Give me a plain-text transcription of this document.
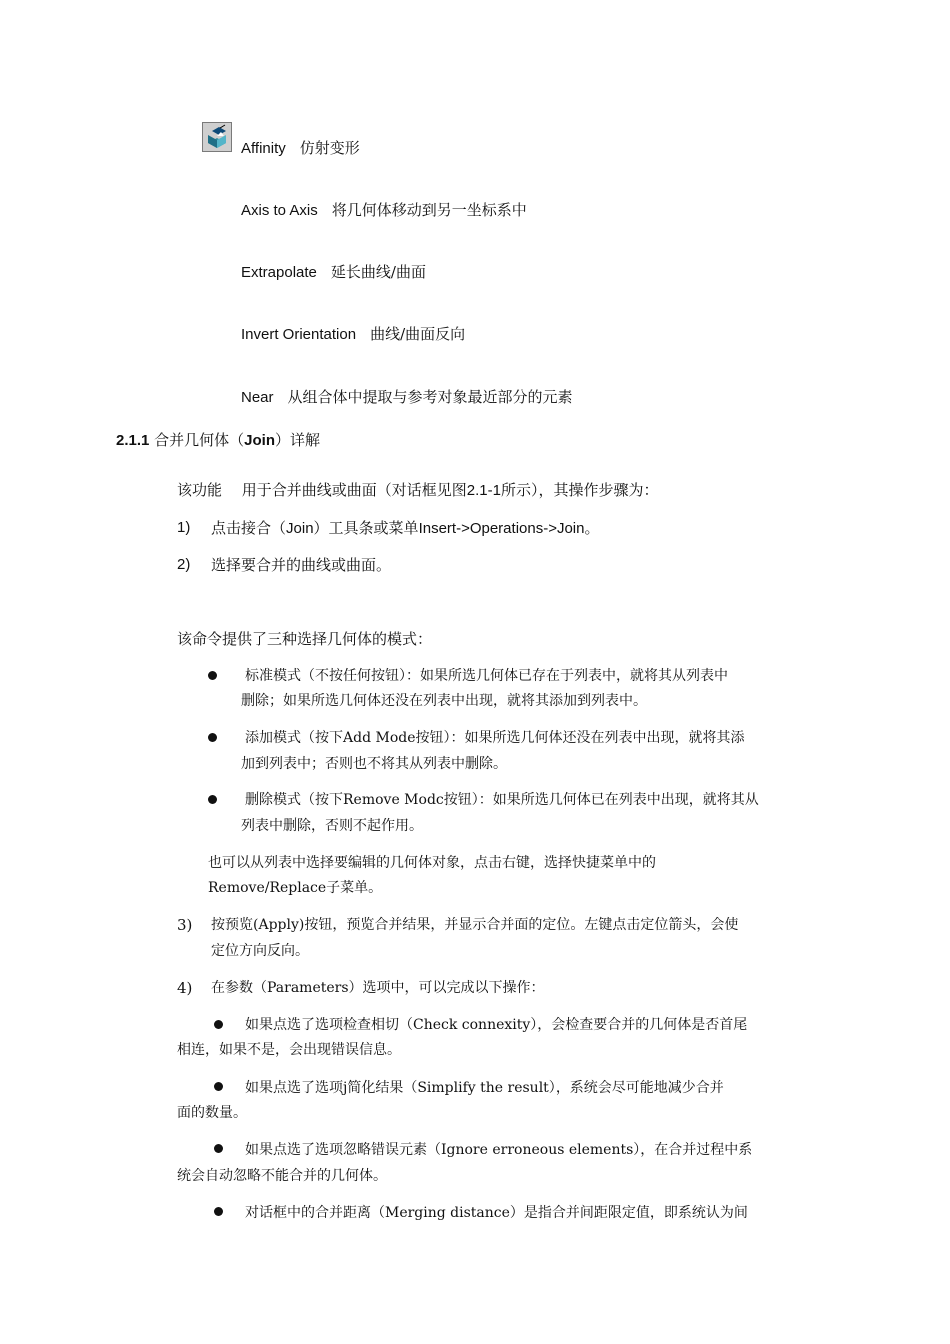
Affinity 仿射变形
Axis to Axis 将几何体移动到另一坐标系中
Extrapolate 延长曲线/曲面
Invert Orientation 曲线/曲面反向
Near 从组合体中提取与参考对象最近部分的元素
2.1.1 合并几何体（Join）详解
该功能　 用于合并曲线或曲面（对话框见图2.1-1所示），其操作步骤为：
1) 点击接合（Join）工具条或菜单Insert->Operations->Join。
2) 选择要合并的曲线或曲面。
该命令提供了三种选择几何体的模式：
标准模式（不按任何按钮）：如果所选几何体已存在于列表中，就将其从列表中
删除；如果所选几何体还没在列表中出现，就将其添加到列表中。
添加模式（按下Add Mode按钮）：如果所选几何体还没在列表中出现，就将其添
加到列表中；否则也不将其从列表中删除。
删除模式（按下Remove Modc按钮）：如果所选几何体已在列表中出现，就将其从
列表中删除，否则不起作用。
也可以从列表中选择要编辑的几何体对象，点击右键，选择快捷菜单中的
Remove/Replace子菜单。
3) 按预览(Apply)按钮，预览合并结果，并显示合并面的定位。左键点击定位箭头，会使
定位方向反向。
4) 在参数（Parameters）选项中，可以完成以下操作：
如果点选了选项检查相切（Check connexity），会检查要合并的几何体是否首尾
相连，如果不是，会出现错误信息。
如果点选了选项j简化结果（Simplify the result），系统会尽可能地减少合并
面的数量。
如果点选了选项忽略错误元素（Ignore erroneous elements），在合并过程中系
统会自动忽略不能合并的几何体。
对话框中的合并距离（Merging distance）是指合并间距限定值，即系统认为间
